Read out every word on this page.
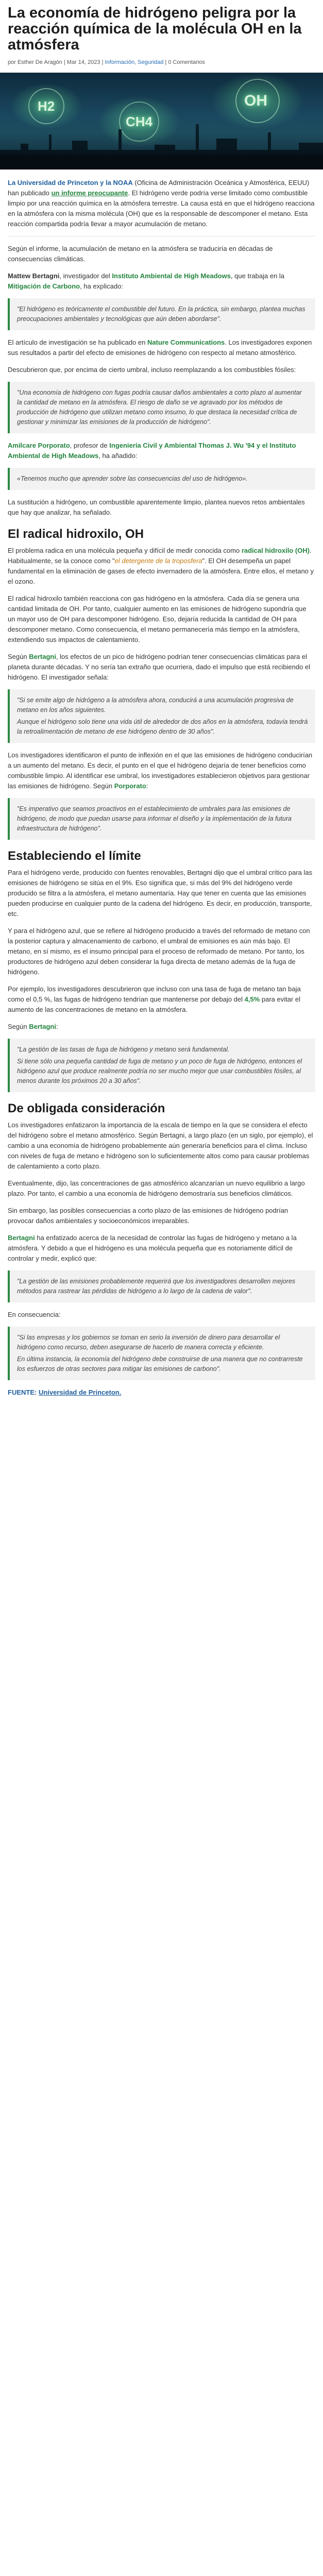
La economía de hidrógeno peligra por la reacción química de la molécula OH en la atmósfera
por Esther De Aragón | Mar 14, 2023 | Información, Seguridad | 0 Comentarios
H2
CH4
OH

La Universidad de Princeton y la NOAA (Oficina de Administración Oceánica y Atmosférica, EEUU) han publicado un informe preocupante. El hidrógeno verde podría verse limitado como combustible limpio por una reacción química en la atmósfera terrestre. La causa está en que el hidrógeno reacciona en la atmósfera con la misma molécula (OH) que es la responsable de descomponer el metano. Esta reacción compartida podría llevar a mayor acumulación de metano.

Según el informe, la acumulación de metano en la atmósfera se traduciría en décadas de consecuencias climáticas.

Mattew Bertagni, investigador del Instituto Ambiental de High Meadows, que trabaja en la Mitigación de Carbono, ha explicado:

"El hidrógeno es teóricamente el combustible del futuro. En la práctica, sin embargo, plantea muchas preocupaciones ambientales y tecnológicas que aún deben abordarse".

El artículo de investigación se ha publicado en Nature Communications. Los investigadores exponen sus resultados a partir del efecto de emisiones de hidrógeno con respecto al metano atmosférico.

Descubrieron que, por encima de cierto umbral, incluso reemplazando a los combustibles fósiles:

"Una economía de hidrógeno con fugas podría causar daños ambientales a corto plazo al aumentar la cantidad de metano en la atmósfera. El riesgo de daño se ve agravado por los métodos de producción de hidrógeno que utilizan metano como insumo, lo que destaca la necesidad crítica de gestionar y minimizar las emisiones de la producción de hidrógeno".

Amilcare Porporato, profesor de Ingeniería Civil y Ambiental Thomas J. Wu '94 y el Instituto Ambiental de High Meadows, ha añadido:

«Tenemos mucho que aprender sobre las consecuencias del uso de hidrógeno».

La sustitución a hidrógeno, un combustible aparentemente limpio, plantea nuevos retos ambientales que hay que analizar, ha señalado.

El radical hidroxilo, OH

El problema radica en una molécula pequeña y difícil de medir conocida como radical hidroxilo (OH). Habitualmente, se la conoce como "el detergente de la troposfera". El OH desempeña un papel fundamental en la eliminación de gases de efecto invernadero de la atmósfera. Entre ellos, el metano y el ozono.

El radical hidroxilo también reacciona con gas hidrógeno en la atmósfera. Cada día se genera una cantidad limitada de OH. Por tanto, cualquier aumento en las emisiones de hidrógeno supondría que un mayor uso de OH para descomponer hidrógeno. Eso, dejaría reducida la cantidad de OH para descomponer metano. Como consecuencia, el metano permanecería más tiempo en la atmósfera, extendiendo sus impactos de calentamiento.

Según Bertagni, los efectos de un pico de hidrógeno podrían tener consecuencias climáticas para el planeta durante décadas. Y no sería tan extraño que ocurriera, dado el impulso que está recibiendo el hidrógeno. El investigador señala:

"Si se emite algo de hidrógeno a la atmósfera ahora, conducirá a una acumulación progresiva de metano en los años siguientes.

Aunque el hidrógeno solo tiene una vida útil de alrededor de dos años en la atmósfera, todavía tendrá la retroalimentación de metano de ese hidrógeno dentro de 30 años".

Los investigadores identificaron el punto de inflexión en el que las emisiones de hidrógeno conducirían a un aumento del metano. Es decir, el punto en el que el hidrógeno dejaría de tener beneficios como combustible limpio. Al identificar ese umbral, los investigadores establecieron objetivos para gestionar las emisiones de hidrógeno. Según Porporato:

"Es imperativo que seamos proactivos en el establecimiento de umbrales para las emisiones de hidrógeno, de modo que puedan usarse para informar el diseño y la implementación de la futura infraestructura de hidrógeno".

Estableciendo el límite

Para el hidrógeno verde, producido con fuentes renovables, Bertagni dijo que el umbral crítico para las emisiones de hidrógeno se sitúa en el 9%. Eso significa que, si más del 9% del hidrógeno verde producido se filtra a la atmósfera, el metano aumentaría. Hay que tener en cuenta que las emisiones pueden producirse en cualquier punto de la cadena del hidrógeno. Es decir, en producción, transporte, etc.

Y para el hidrógeno azul, que se refiere al hidrógeno producido a través del reformado de metano con la posterior captura y almacenamiento de carbono, el umbral de emisiones es aún más bajo. El metano, en sí mismo, es el insumo principal para el proceso de reformado de metano. Por tanto, los productores de hidrógeno azul deben considerar la fuga directa de metano además de la fuga de hidrógeno.

Por ejemplo, los investigadores descubrieron que incluso con una tasa de fuga de metano tan baja como el 0,5 %, las fugas de hidrógeno tendrían que mantenerse por debajo del 4,5% para evitar el aumento de las concentraciones de metano en la atmósfera.

Según Bertagni:

"La gestión de las tasas de fuga de hidrógeno y metano será fundamental.

Si tiene sólo una pequeña cantidad de fuga de metano y un poco de fuga de hidrógeno, entonces el hidrógeno azul que produce realmente podría no ser mucho mejor que usar combustibles fósiles, al menos durante los próximos 20 a 30 años".

De obligada consideración

Los investigadores enfatizaron la importancia de la escala de tiempo en la que se considera el efecto del hidrógeno sobre el metano atmosférico. Según Bertagni, a largo plazo (en un siglo, por ejemplo), el cambio a una economía de hidrógeno probablemente aún generaría beneficios para el clima. Incluso con niveles de fuga de metano e hidrógeno son lo suficientemente altos como para causar problemas de calentamiento a corto plazo.

Eventualmente, dijo, las concentraciones de gas atmosférico alcanzarían un nuevo equilibrio a largo plazo. Por tanto, el cambio a una economía de hidrógeno demostraría sus beneficios climáticos.

Sin embargo, las posibles consecuencias a corto plazo de las emisiones de hidrógeno podrían provocar daños ambientales y socioeconómicos irreparables.

Bertagni ha enfatizado acerca de la necesidad de controlar las fugas de hidrógeno y metano a la atmósfera. Y debido a que el hidrógeno es una molécula pequeña que es notoriamente difícil de controlar y medir, explicó que:

"La gestión de las emisiones probablemente requerirá que los investigadores desarrollen mejores métodos para rastrear las pérdidas de hidrógeno a lo largo de la cadena de valor".

En consecuencia:

"Si las empresas y los gobiernos se toman en serio la inversión de dinero para desarrollar el hidrógeno como recurso, deben asegurarse de hacerlo de manera correcta y eficiente.

En última instancia, la economía del hidrógeno debe construirse de una manera que no contrarreste los esfuerzos de otras sectores para mitigar las emisiones de carbono".

FUENTE: Universidad de Princeton.
